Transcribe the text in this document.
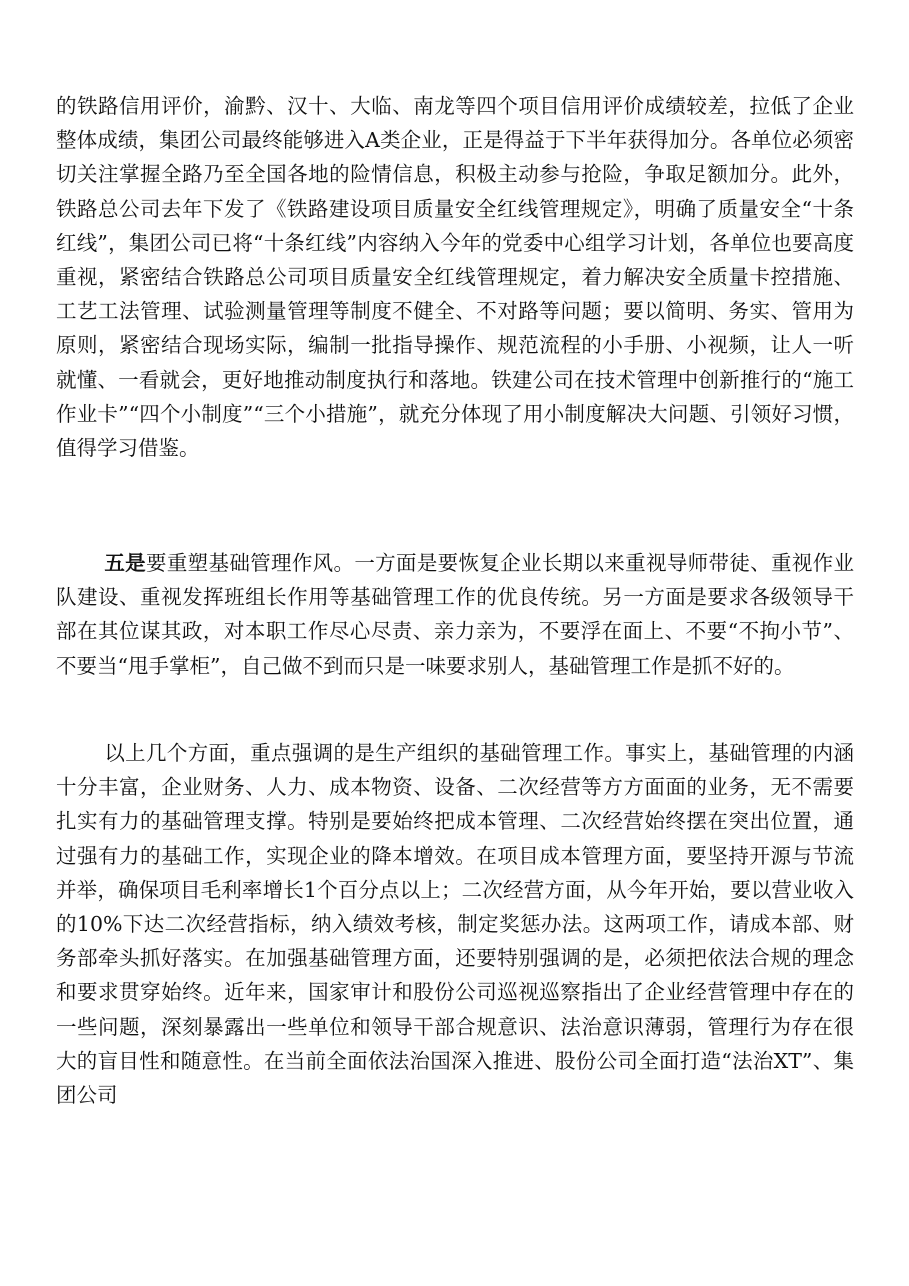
的铁路信用评价，渝黔、汉十、大临、南龙等四个项目信用评价成绩较差，拉低了企业整体成绩，集团公司最终能够进入A类企业，正是得益于下半年获得加分。各单位必须密切关注掌握全路乃至全国各地的险情信息，积极主动参与抢险，争取足额加分。此外，铁路总公司去年下发了《铁路建设项目质量安全红线管理规定》，明确了质量安全“十条红线”，集团公司已将“十条红线”内容纳入今年的党委中心组学习计划，各单位也要高度重视，紧密结合铁路总公司项目质量安全红线管理规定，着力解决安全质量卡控措施、工艺工法管理、试验测量管理等制度不健全、不对路等问题；要以简明、务实、管用为原则，紧密结合现场实际，编制一批指导操作、规范流程的小手册、小视频，让人一听就懂、一看就会，更好地推动制度执行和落地。铁建公司在技术管理中创新推行的“施工作业卡”“四个小制度”“三个小措施”，就充分体现了用小制度解决大问题、引领好习惯，值得学习借鉴。
五是要重塑基础管理作风。一方面是要恢复企业长期以来重视导师带徒、重视作业队建设、重视发挥班组长作用等基础管理工作的优良传统。另一方面是要求各级领导干部在其位谋其政，对本职工作尽心尽责、亲力亲为，不要浮在面上、不要“不拘小节”、不要当“甩手掌柜”，自己做不到而只是一味要求别人，基础管理工作是抓不好的。
以上几个方面，重点强调的是生产组织的基础管理工作。事实上，基础管理的内涵十分丰富，企业财务、人力、成本物资、设备、二次经营等方方面面的业务，无不需要扎实有力的基础管理支撑。特别是要始终把成本管理、二次经营始终摆在突出位置，通过强有力的基础工作，实现企业的降本增效。在项目成本管理方面，要坚持开源与节流并举，确保项目毛利率增长1个百分点以上；二次经营方面，从今年开始，要以营业收入的10%下达二次经营指标，纳入绩效考核，制定奖惩办法。这两项工作，请成本部、财务部牵头抓好落实。在加强基础管理方面，还要特别强调的是，必须把依法合规的理念和要求贯穿始终。近年来，国家审计和股份公司巡视巡察指出了企业经营管理中存在的一些问题，深刻暴露出一些单位和领导干部合规意识、法治意识薄弱，管理行为存在很大的盲目性和随意性。在当前全面依法治国深入推进、股份公司全面打造“法治XT”、集团公司
